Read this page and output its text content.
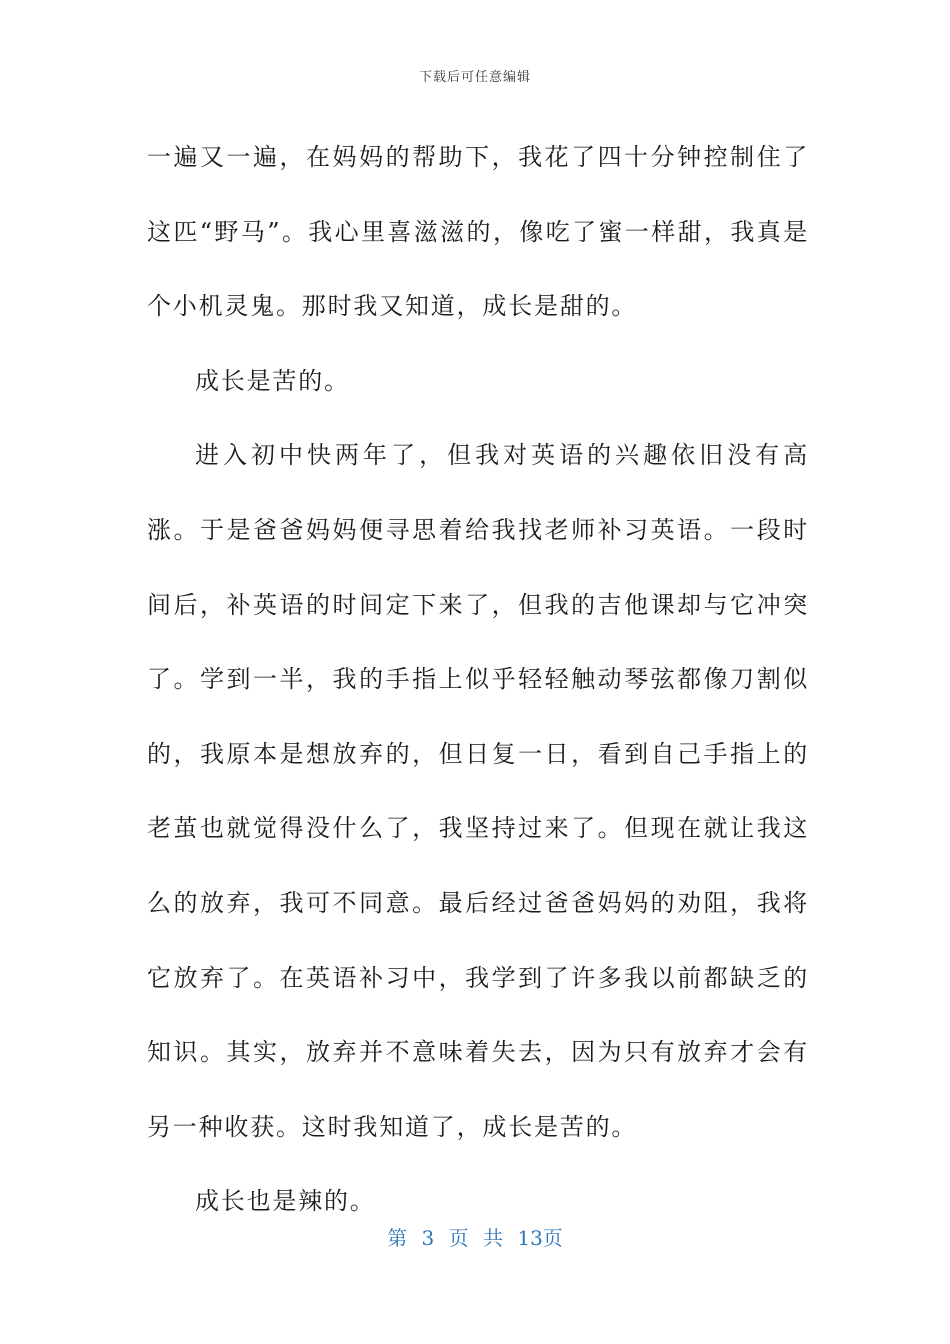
下载后可任意编辑

一遍又一遍，在妈妈的帮助下，我花了四十分钟控制住了这匹“野马”。我心里喜滋滋的，像吃了蜜一样甜，我真是个小机灵鬼。那时我又知道，成长是甜的。

成长是苦的。

进入初中快两年了，但我对英语的兴趣依旧没有高涨。于是爸爸妈妈便寻思着给我找老师补习英语。一段时间后，补英语的时间定下来了，但我的吉他课却与它冲突了。学到一半，我的手指上似乎轻轻触动琴弦都像刀割似的，我原本是想放弃的，但日复一日，看到自己手指上的老茧也就觉得没什么了，我坚持过来了。但现在就让我这么的放弃，我可不同意。最后经过爸爸妈妈的劝阻，我将它放弃了。在英语补习中，我学到了许多我以前都缺乏的知识。其实，放弃并不意味着失去，因为只有放弃才会有另一种收获。这时我知道了，成长是苦的。

成长也是辣的。

第 3 页 共 13页
